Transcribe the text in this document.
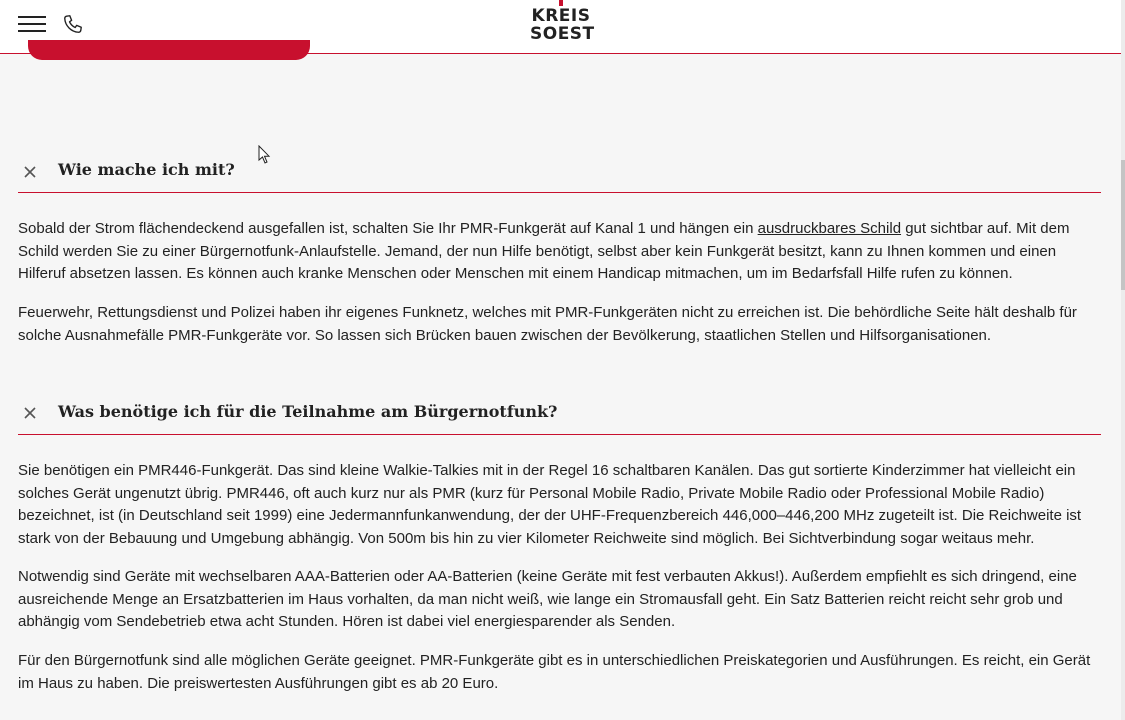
KREIS
SOEST
Wie mache ich mit?
Sobald der Strom flächendeckend ausgefallen ist, schalten Sie Ihr PMR-Funkgerät auf Kanal 1 und hängen ein ausdruckbares Schild gut sichtbar auf. Mit dem Schild werden Sie zu einer Bürgernotfunk-Anlaufstelle. Jemand, der nun Hilfe benötigt, selbst aber kein Funkgerät besitzt, kann zu Ihnen kommen und einen Hilferuf absetzen lassen. Es können auch kranke Menschen oder Menschen mit einem Handicap mitmachen, um im Bedarfsfall Hilfe rufen zu können.
Feuerwehr, Rettungsdienst und Polizei haben ihr eigenes Funknetz, welches mit PMR-Funkgeräten nicht zu erreichen ist. Die behördliche Seite hält deshalb für solche Ausnahmefälle PMR-Funkgeräte vor. So lassen sich Brücken bauen zwischen der Bevölkerung, staatlichen Stellen und Hilfsorganisationen.
Was benötige ich für die Teilnahme am Bürgernotfunk?
Sie benötigen ein PMR446-Funkgerät. Das sind kleine Walkie-Talkies mit in der Regel 16 schaltbaren Kanälen. Das gut sortierte Kinderzimmer hat vielleicht ein solches Gerät ungenutzt übrig. PMR446, oft auch kurz nur als PMR (kurz für Personal Mobile Radio, Private Mobile Radio oder Professional Mobile Radio) bezeichnet, ist (in Deutschland seit 1999) eine Jedermannfunkanwendung, der der UHF-Frequenzbereich 446,000–446,200 MHz zugeteilt ist. Die Reichweite ist stark von der Bebauung und Umgebung abhängig. Von 500m bis hin zu vier Kilometer Reichweite sind möglich. Bei Sichtverbindung sogar weitaus mehr.
Notwendig sind Geräte mit wechselbaren AAA-Batterien oder AA-Batterien (keine Geräte mit fest verbauten Akkus!). Außerdem empfiehlt es sich dringend, eine ausreichende Menge an Ersatzbatterien im Haus vorhalten, da man nicht weiß, wie lange ein Stromausfall geht. Ein Satz Batterien reicht reicht sehr grob und abhängig vom Sendebetrieb etwa acht Stunden. Hören ist dabei viel energiesparender als Senden.
Für den Bürgernotfunk sind alle möglichen Geräte geeignet. PMR-Funkgeräte gibt es in unterschiedlichen Preiskategorien und Ausführungen. Es reicht, ein Gerät im Haus zu haben. Die preiswertesten Ausführungen gibt es ab 20 Euro.
